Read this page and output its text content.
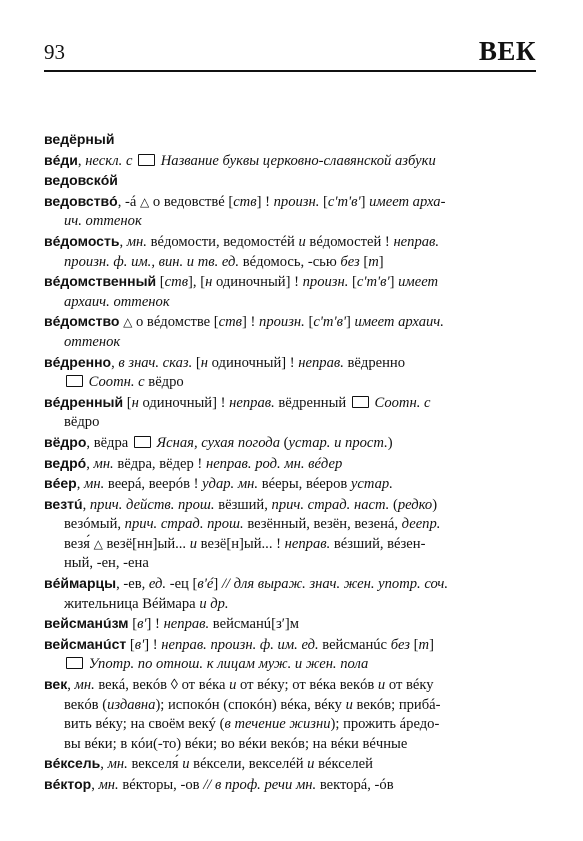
93	ВЕК
ведёрный
вéди, нескл. с  Название буквы церковно-славянской азбуки
ведовскóй
ведовствó, -á △ о ведовствé [ств] ! произн. [cʹтʹвʹ] имеет арха-
ич. оттенок
вéдомость, мн. вéдомости, ведомостéй и вéдомостей ! неправ.
произн. ф. им., вин. и тв. ед. вéдомось, -сью без [т]
вéдомственный [ств], [н одиночный] ! произн. [cʹтʹвʹ] имеет
архаич. оттенок
вéдомство △ о вéдомстве [ств] ! произн. [cʹтʹвʹ] имеет архаич.
оттенок
вéдренно, в знач. сказ. [н одиночный] ! неправ. вёдренно
Соотн. с вёдро
вéдренный [н одиночный] ! неправ. вёдренный  Соотн. с
вёдро
вёдро, вёдра  Ясная, сухая погода (устар. и прост.)
ведрó, мн. вёдра, вёдер ! неправ. род. мн. вéдер
вéер, мн. веерá, веерóв ! удар. мн. вéеры, вéеров устар.
везтú, прич. действ. прош. вёзший, прич. страд. наст. (редко)
везóмый, прич. страд. прош. везённый, везён, везенá, деепр.
везя́ △ везё[нн]ый... и везё[н]ый... ! неправ. вéзший, вéзен-
ный, -ен, -ена
вéймарцы, -ев, ед. -ец [вʹé] // для выраж. знач. жен. употр. соч.
жительница Вéймара и др.
вейсманúзм [вʹ] ! неправ. вейсманú[зʹ]м
вейсманúст [вʹ] ! неправ. произн. ф. им. ед. вейсманúс без [т]
Употр. по отнош. к лицам муж. и жен. пола
век, мн. векá, векóв ◊ от вéка и от вéку; от вéка векóв и от вéку
векóв (издавна); испокóн (спокóн) вéка, вéку и векóв; прибá-
вить вéку; на своём векý (в течение жизни); прожить áредо-
вы вéки; в кóи(-то) вéки; во вéки векóв; на вéки вéчные
вéксель, мн. векселя́ и вéксели, векселéй и вéкселей
вéктор, мн. вéкторы, -ов // в проф. речи мн. векторá, -óв
